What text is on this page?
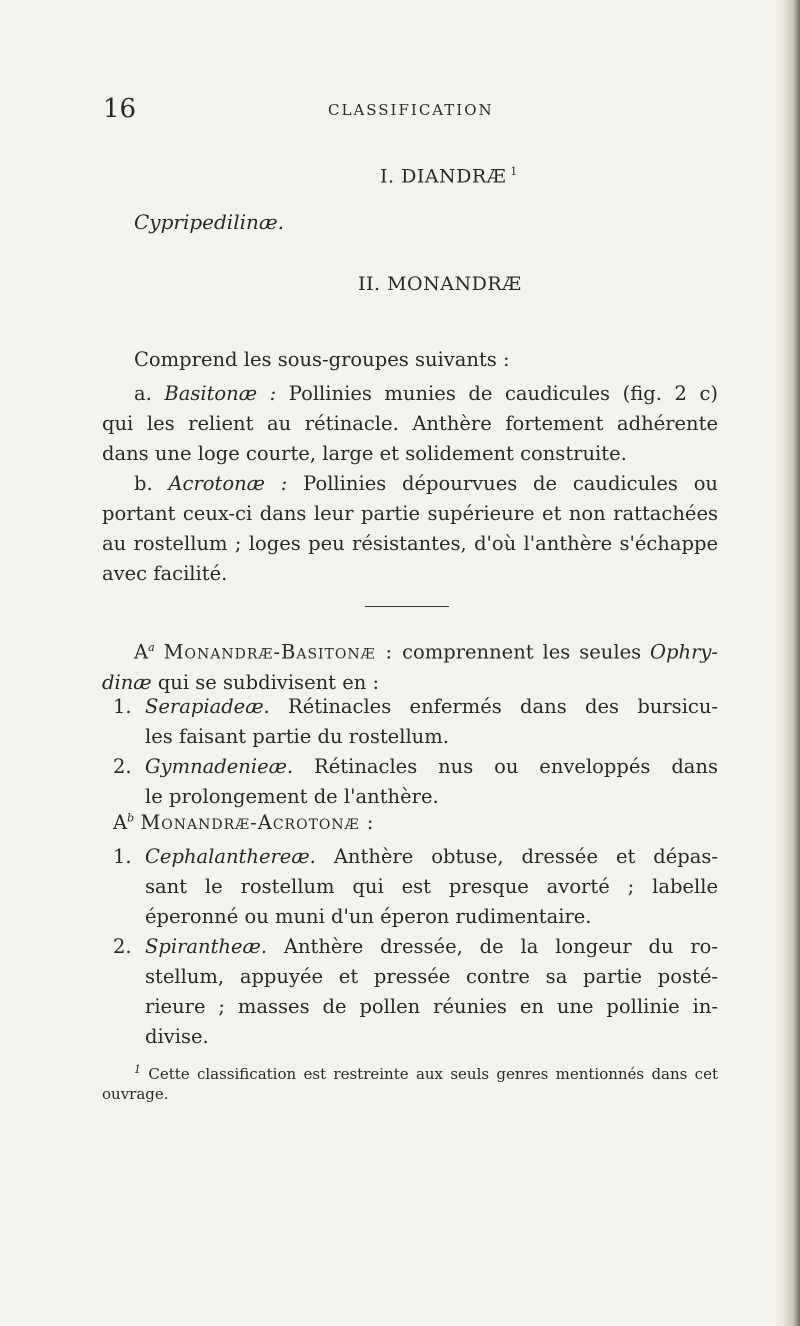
16	CLASSIFICATION
I. DIANDRÆ $^1$
Cypripedilinæ.
II. MONANDRÆ
Comprend les sous-groupes suivants :
a. Basitonæ : Pollinies munies de caudicules (fig. 2 c)
qui les relient au rétinacle. Anthère fortement adhérente
dans une loge courte, large et solidement construite.
b. Acrotonæ : Pollinies dépourvues de caudicules ou
portant ceux-ci dans leur partie supérieure et non rattachées
au rostellum ; loges peu résistantes, d'où l'anthère s'échappe
avec facilité.
$A^a$ Monandræ-Basitonæ : comprennent les seules Ophry-
dinæ qui se subdivisent en :
1. Serapiadeæ. Rétinacles enfermés dans des bursicu-
les faisant partie du rostellum.
2. Gymnadenieæ. Rétinacles nus ou enveloppés dans
le prolongement de l'anthère.
$A^b$ Monandræ-Acrotonæ :
1. Cephalanthereæ. Anthère obtuse, dressée et dépas-
sant le rostellum qui est presque avorté ; labelle
éperonné ou muni d'un éperon rudimentaire.
2. Spirantheæ. Anthère dressée, de la longeur du ro-
stellum, appuyée et pressée contre sa partie posté-
rieure ; masses de pollen réunies en une pollinie in-
divise.
$^1$ Cette classification est restreinte aux seuls genres mentionnés dans cet
ouvrage.
